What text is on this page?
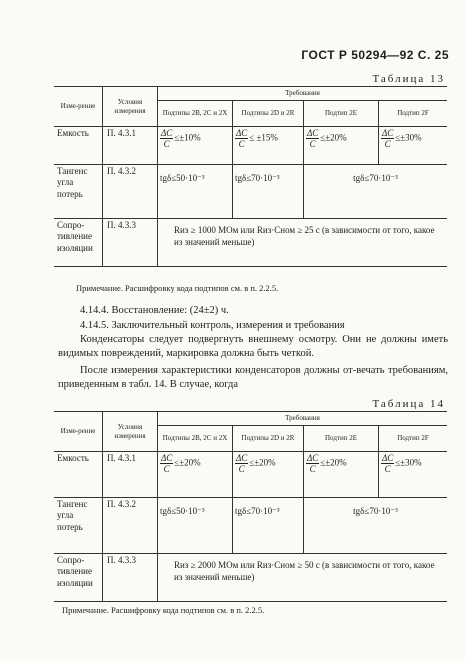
ГОСТ Р 50294—92 С. 25
Таблица 13
Изме-рение	Условия измерения	Требования			
		Подтипы 2В, 2С и 2Х	Подтипы 2D и 2R	Подтип 2Е	Подтип 2F
Емкость	П. 4.3.1	$\frac{\Delta C}{C} \le\pm 10\%$	$\frac{\Delta C}{C} \le \pm 15\%$	$\frac{\Delta C}{C} \le\pm 20\%$	$\frac{\Delta C}{C} \le\pm 30\%$
Тангенс угла потерь	П. 4.3.2	tgδ≤50·10⁻³	tgδ≤70·10⁻³	tgδ≤70·10⁻³	
Сопро-тивление изоляции	П. 4.3.3	Rиз ≥ 1000 МОм или Rиз·Cном ≥ 25 с (в зависимости от того, какое из значений меньше)			
Примечание. Расшифровку кода подтипов см. в п. 2.2.5.
4.14.4. Восстановление: (24±2) ч.
4.14.5. Заключительный контроль, измерения и требования
Конденсаторы следует подвергнуть внешнему осмотру. Они не должны иметь видимых повреждений, маркировка должна быть четкой.
После измерения характеристики конденсаторов должны от-вечать требованиям, приведенным в табл. 14. В случае, когда
Таблица 14
Изме-рение	Условия измерения	Требования			
		Подтипы 2В, 2С и 2Х	Подтипы 2D и 2R	Подтип 2Е	Подтип 2F
Емкость	П. 4.3.1	$\frac{\Delta C}{C} \le\pm 20\%$	$\frac{\Delta C}{C} \le\pm 20\%$	$\frac{\Delta C}{C} \le\pm 20\%$	$\frac{\Delta C}{C} \le\pm 30\%$
Тангенс угла потерь	П. 4.3.2	tgδ≤50·10⁻³	tgδ≤70·10⁻³	tgδ≤70·10⁻³	
Сопро-тивление изоляции	П. 4.3.3	Rиз ≥ 2000 МОм или Rиз·Cном ≥ 50 с (в зависимости от того, какое из значений меньше)			
Примечание. Расшифровку кода подтипов см. в п. 2.2.5.
